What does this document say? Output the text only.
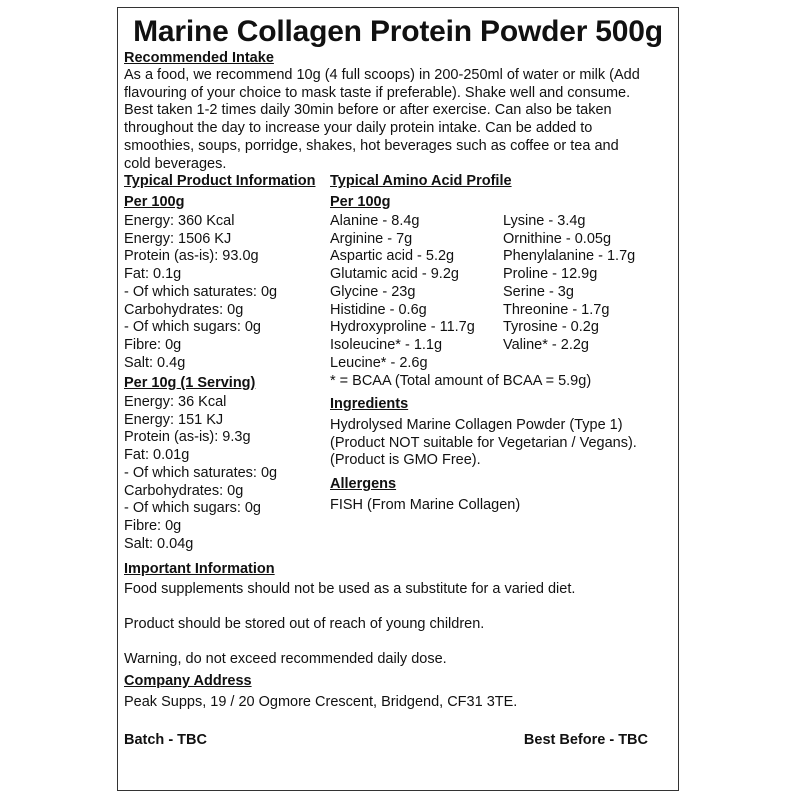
Marine Collagen Protein Powder 500g
Recommended Intake
As a food, we recommend 10g (4 full scoops) in 200-250ml of water or milk (Add
flavouring of your choice to mask taste if preferable). Shake well and consume.
Best taken 1-2 times daily 30min before or after exercise. Can also be taken
throughout the day to increase your daily protein intake. Can be added to
smoothies, soups, porridge, shakes, hot beverages such as coffee or tea and
cold beverages.
Typical Product Information
Per 100g
Energy: 360 Kcal
Energy: 1506 KJ
Protein (as-is): 93.0g
Fat: 0.1g
- Of which saturates: 0g
Carbohydrates: 0g
- Of which sugars: 0g
Fibre: 0g
Salt: 0.4g
Per 10g (1 Serving)
Energy: 36 Kcal
Energy: 151 KJ
Protein (as-is): 9.3g
Fat: 0.01g
- Of which saturates: 0g
Carbohydrates: 0g
- Of which sugars: 0g
Fibre: 0g
Salt: 0.04g
Typical Amino Acid Profile
Per 100g
Alanine - 8.4g	Lysine - 3.4g
Arginine - 7g	Ornithine - 0.05g
Aspartic acid - 5.2g	Phenylalanine - 1.7g
Glutamic acid - 9.2g	Proline - 12.9g
Glycine - 23g	Serine - 3g
Histidine - 0.6g	Threonine - 1.7g
Hydroxyproline - 11.7g	Tyrosine - 0.2g
Isoleucine* - 1.1g	Valine* - 2.2g
Leucine* - 2.6g
* = BCAA (Total amount of BCAA = 5.9g)
Ingredients
Hydrolysed Marine Collagen Powder (Type 1)
(Product NOT suitable for Vegetarian / Vegans).
(Product is GMO Free).
Allergens
FISH (From Marine Collagen)
Important Information
Food supplements should not be used as a substitute for a varied diet.
Product should be stored out of reach of young children.
Warning, do not exceed recommended daily dose.
Company Address
Peak Supps, 19 / 20 Ogmore Crescent, Bridgend, CF31 3TE.
Batch - TBC	Best Before - TBC
